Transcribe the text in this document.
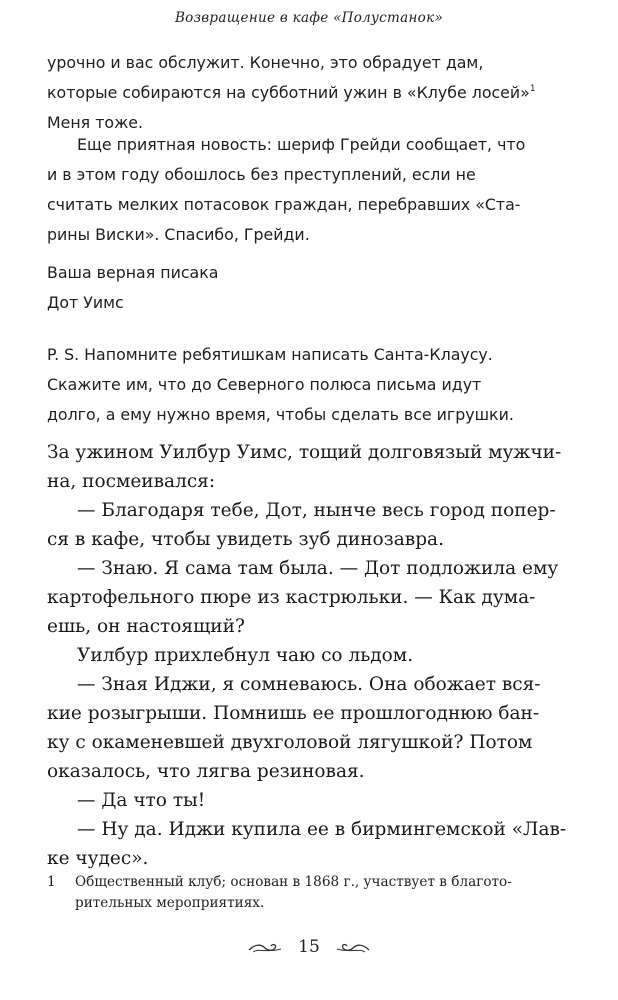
Возвращение в кафе «Полустанок»

урочно и вас обслужит. Конечно, это обрадует дам,

которые собираются на субботний ужин в «Клубе лосей»$^1$

Меня тоже.

Еще приятная новость: шериф Грейди сообщает, что

и в этом году обошлось без преступлений, если не

считать мелких потасовок граждан, перебравших «Ста-

рины Виски». Спасибо, Грейди.

Ваша верная писака

Дот Уимс

P. S. Напомните ребятишкам написать Санта-Клаусу.

Скажите им, что до Северного полюса письма идут

долго, а ему нужно время, чтобы сделать все игрушки.

За ужином Уилбур Уимс, тощий долговязый мужчи-

на, посмеивался:

— Благодаря тебе, Дот, нынче весь город попер-

ся в кафе, чтобы увидеть зуб динозавра.

— Знаю. Я сама там была. — Дот подложила ему

картофельного пюре из кастрюльки. — Как дума-

ешь, он настоящий?

Уилбур прихлебнул чаю со льдом.

— Зная Иджи, я сомневаюсь. Она обожает вся-

кие розыгрыши. Помнишь ее прошлогоднюю бан-

ку с окаменевшей двухголовой лягушкой? Потом

оказалось, что лягва резиновая.

— Да что ты!

— Ну да. Иджи купила ее в бирмингемской «Лав-

ке чудес».

1 Общественный клуб; основан в 1868 г., участвует в благото-
рительных мероприятиях.
15
